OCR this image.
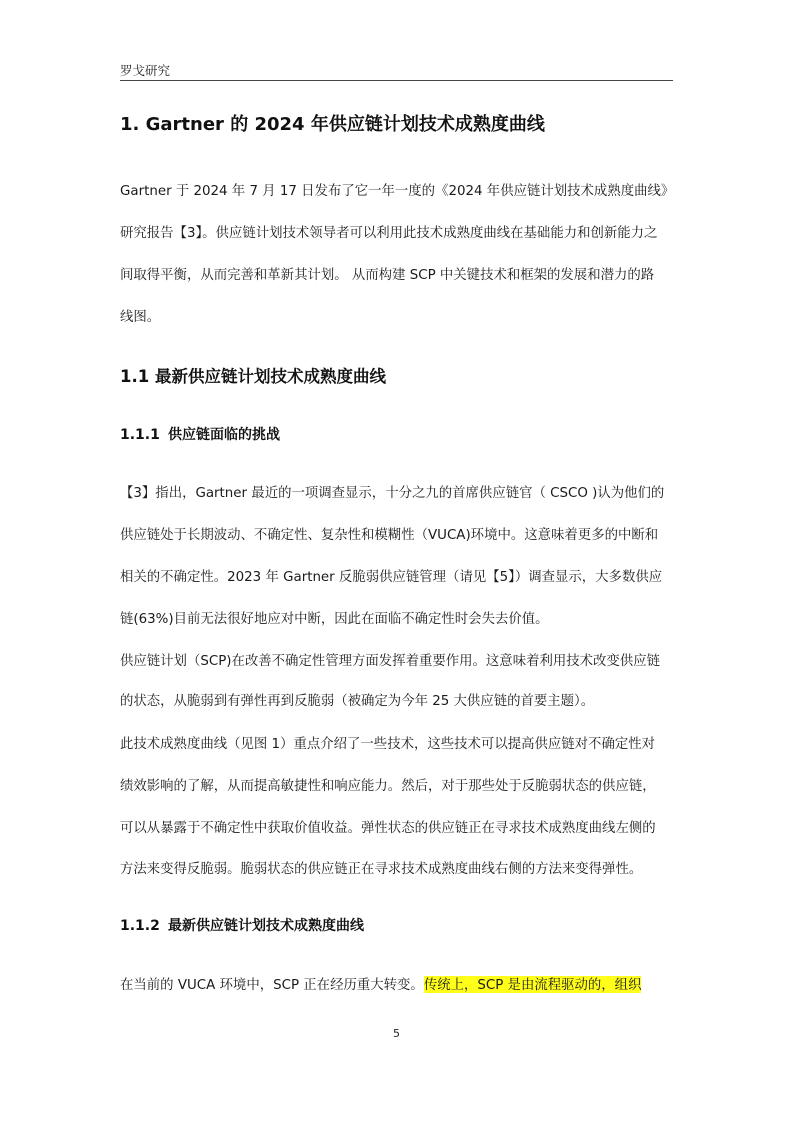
罗戈研究
1. Gartner 的 2024 年供应链计划技术成熟度曲线
Gartner 于 2024 年 7 月 17 日发布了它一年一度的《2024 年供应链计划技术成熟度曲线》
研究报告【3】。供应链计划技术领导者可以利用此技术成熟度曲线在基础能力和创新能力之
间取得平衡，从而完善和革新其计划。 从而构建 SCP 中关键技术和框架的发展和潜力的路
线图。
1.1 最新供应链计划技术成熟度曲线
1.1.1 供应链面临的挑战
【3】指出，Gartner 最近的一项调查显示，十分之九的首席供应链官（ CSCO )认为他们的
供应链处于长期波动、不确定性、复杂性和模糊性（VUCA)环境中。这意味着更多的中断和
相关的不确定性。2023 年 Gartner 反脆弱供应链管理（请见【5】）调查显示，大多数供应
链(63%)目前无法很好地应对中断，因此在面临不确定性时会失去价值。
供应链计划（SCP)在改善不确定性管理方面发挥着重要作用。这意味着利用技术改变供应链
的状态，从脆弱到有弹性再到反脆弱（被确定为今年 25 大供应链的首要主题）。
此技术成熟度曲线（见图 1）重点介绍了一些技术，这些技术可以提高供应链对不确定性对
绩效影响的了解，从而提高敏捷性和响应能力。然后，对于那些处于反脆弱状态的供应链，
可以从暴露于不确定性中获取价值收益。弹性状态的供应链正在寻求技术成熟度曲线左侧的
方法来变得反脆弱。脆弱状态的供应链正在寻求技术成熟度曲线右侧的方法来变得弹性。
1.1.2 最新供应链计划技术成熟度曲线
在当前的 VUCA 环境中，SCP 正在经历重大转变。传统上，SCP 是由流程驱动的，组织
5
